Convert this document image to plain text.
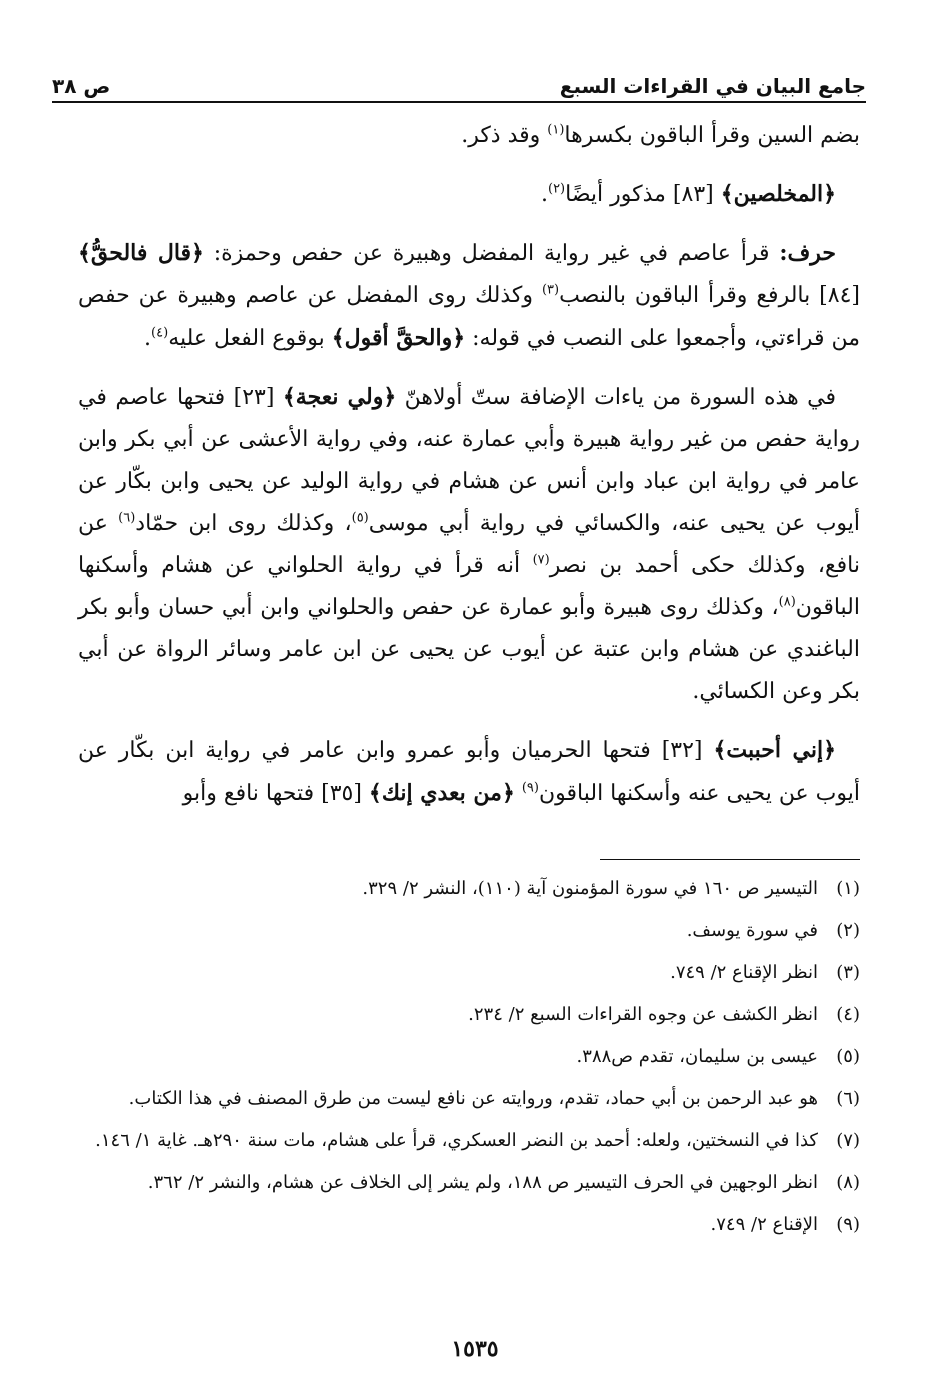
جامع البيان في القراءات السبع
ص ٣٨

بضم السين وقرأ الباقون بكسرها$^{(١)}$ وقد ذكر.

﴿المخلصين﴾ [٨٣] مذكور أيضًا$^{(٢)}$.

حرف: قرأ عاصم في غير رواية المفضل وهبيرة عن حفص وحمزة: ﴿قال فالحقُّ﴾ [٨٤] بالرفع وقرأ الباقون بالنصب$^{(٣)}$ وكذلك روى المفضل عن عاصم وهبيرة عن حفص من قراءتي، وأجمعوا على النصب في قوله: ﴿والحقَّ أقول﴾ بوقوع الفعل عليه$^{(٤)}$.

في هذه السورة من ياءات الإضافة ستّ أولاهنّ ﴿ولي نعجة﴾ [٢٣] فتحها عاصم في رواية حفص من غير رواية هبيرة وأبي عمارة عنه، وفي رواية الأعشى عن أبي بكر وابن عامر في رواية ابن عباد وابن أنس عن هشام في رواية الوليد عن يحيى وابن بكّار عن أيوب عن يحيى عنه، والكسائي في رواية أبي موسى$^{(٥)}$، وكذلك روى ابن حمّاد$^{(٦)}$ عن نافع، وكذلك حكى أحمد بن نصر$^{(٧)}$ أنه قرأ في رواية الحلواني عن هشام وأسكنها الباقون$^{(٨)}$، وكذلك روى هبيرة وأبو عمارة عن حفص والحلواني وابن أبي حسان وأبو بكر الباغندي عن هشام وابن عتبة عن أيوب عن يحيى عن ابن عامر وسائر الرواة عن أبي بكر وعن الكسائي.

﴿إني أحببت﴾ [٣٢] فتحها الحرميان وأبو عمرو وابن عامر في رواية ابن بكّار عن أيوب عن يحيى عنه وأسكنها الباقون$^{(٩)}$ ﴿من بعدي إنك﴾ [٣٥] فتحها نافع وأبو

(١)
التيسير ص ١٦٠ في سورة المؤمنون آية (١١٠)، النشر ٢/ ٣٢٩.
(٢)
في سورة يوسف.
(٣)
انظر الإقناع ٢/ ٧٤٩.
(٤)
انظر الكشف عن وجوه القراءات السبع ٢/ ٢٣٤.
(٥)
عيسى بن سليمان، تقدم ص٣٨٨.
(٦)
هو عبد الرحمن بن أبي حماد، تقدم، وروايته عن نافع ليست من طرق المصنف في هذا الكتاب.
(٧)
كذا في النسختين، ولعله: أحمد بن النضر العسكري، قرأ على هشام، مات سنة ٢٩٠هـ. غاية ١/ ١٤٦.
(٨)
انظر الوجهين في الحرف التيسير ص ١٨٨، ولم يشر إلى الخلاف عن هشام، والنشر ٢/ ٣٦٢.
(٩)
الإقناع ٢/ ٧٤٩.
١٥٣٥
